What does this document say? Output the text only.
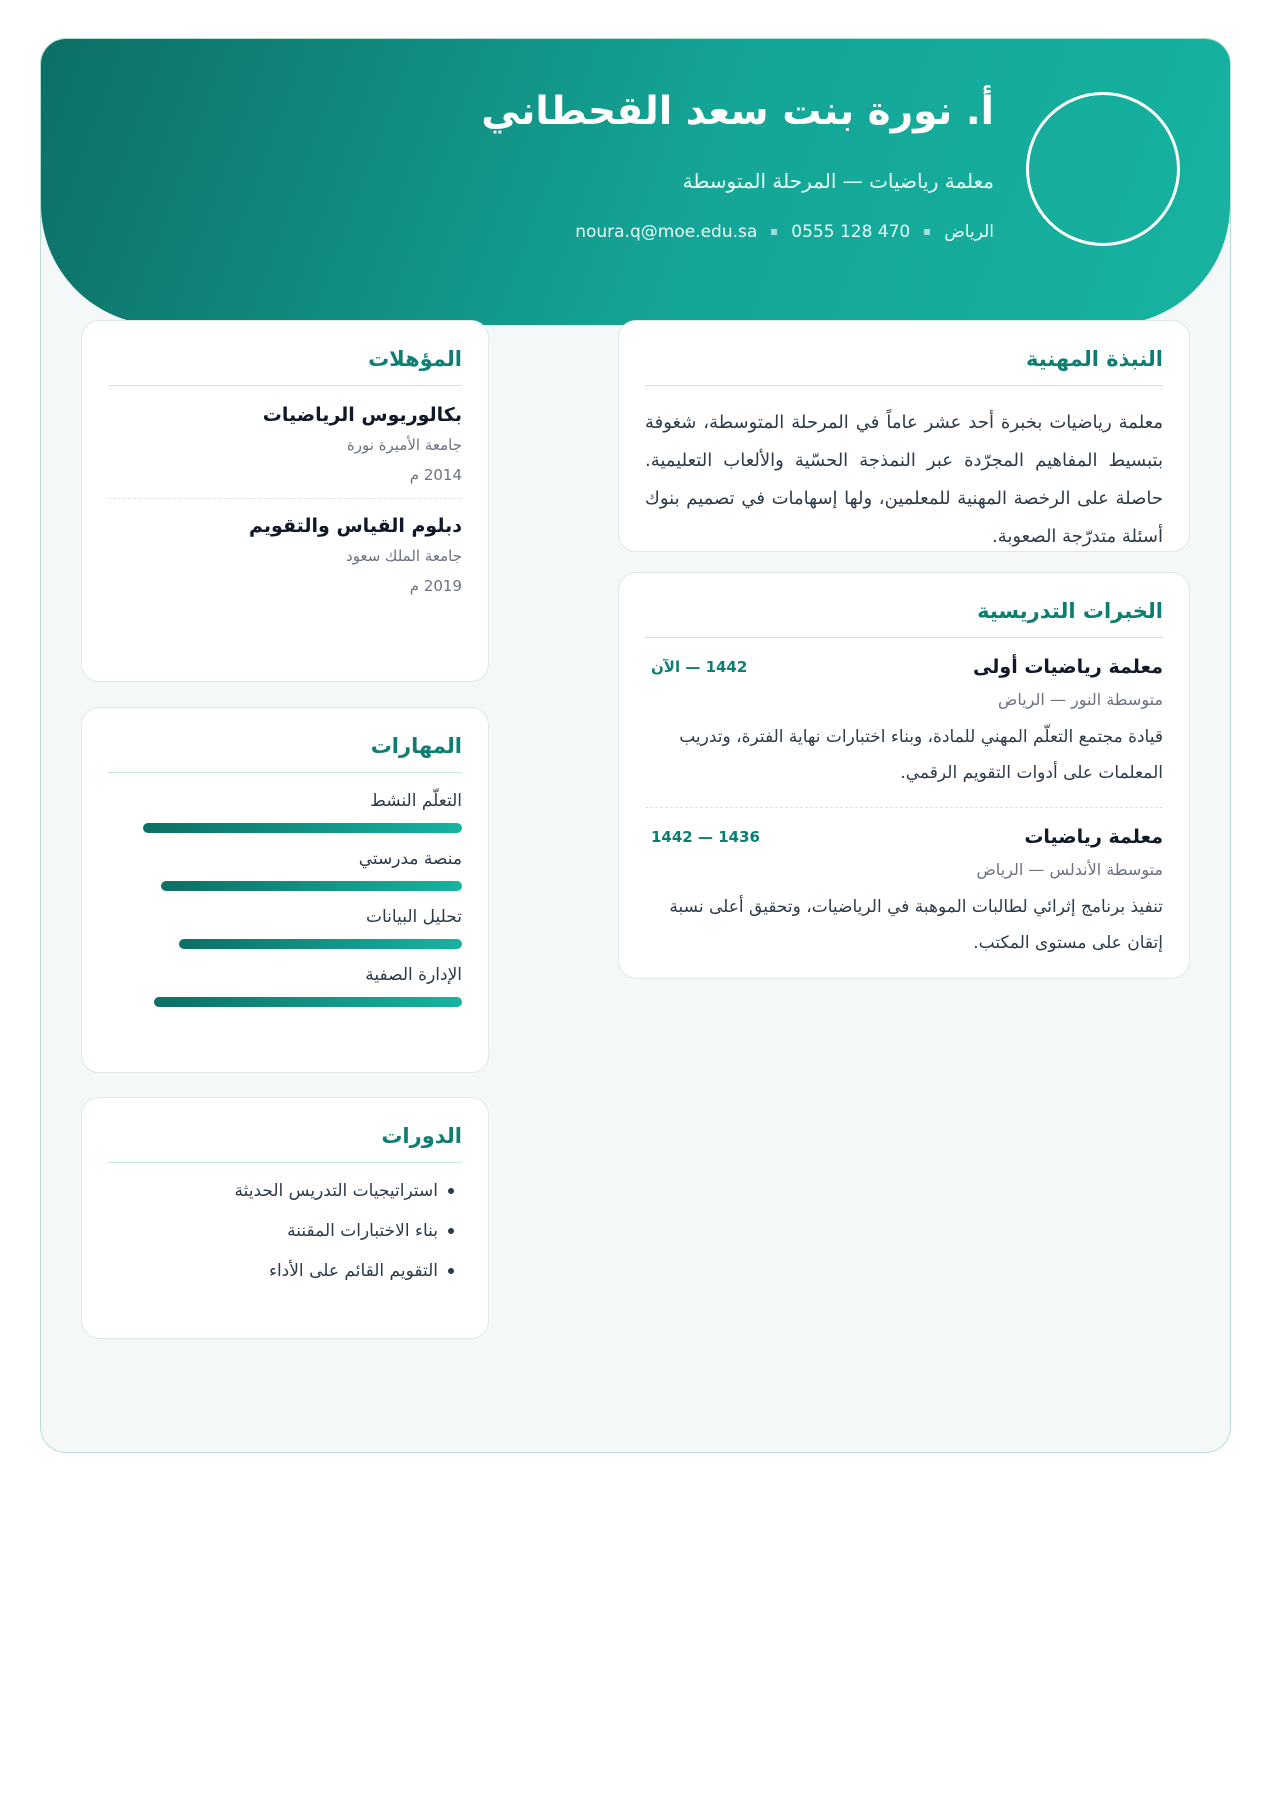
أ. نورة بنت سعد القحطاني
معلمة رياضيات — المرحلة المتوسطة
الرياض
0555 128 470
noura.q@moe.edu.sa
النبذة المهنية

معلمة رياضيات بخبرة أحد عشر عاماً في المرحلة المتوسطة، شغوفة بتبسيط المفاهيم المجرّدة عبر النمذجة الحسّية والألعاب التعليمية. حاصلة على الرخصة المهنية للمعلمين، ولها إسهامات في تصميم بنوك أسئلة متدرّجة الصعوبة.

الخبرات التدريسية
معلمة رياضيات أولى
1442 — الآن
متوسطة النور — الرياض
قيادة مجتمع التعلّم المهني للمادة، وبناء اختبارات نهاية الفترة، وتدريب المعلمات على أدوات التقويم الرقمي.
معلمة رياضيات
1436 — 1442
متوسطة الأندلس — الرياض
تنفيذ برنامج إثرائي لطالبات الموهبة في الرياضيات، وتحقيق أعلى نسبة إتقان على مستوى المكتب.
المؤهلات
بكالوريوس الرياضيات
جامعة الأميرة نورة
2014 م
دبلوم القياس والتقويم
جامعة الملك سعود
2019 م
المهارات
التعلّم النشط
منصة مدرستي
تحليل البيانات
الإدارة الصفية
الدورات
استراتيجيات التدريس الحديثة
بناء الاختبارات المقننة
التقويم القائم على الأداء
